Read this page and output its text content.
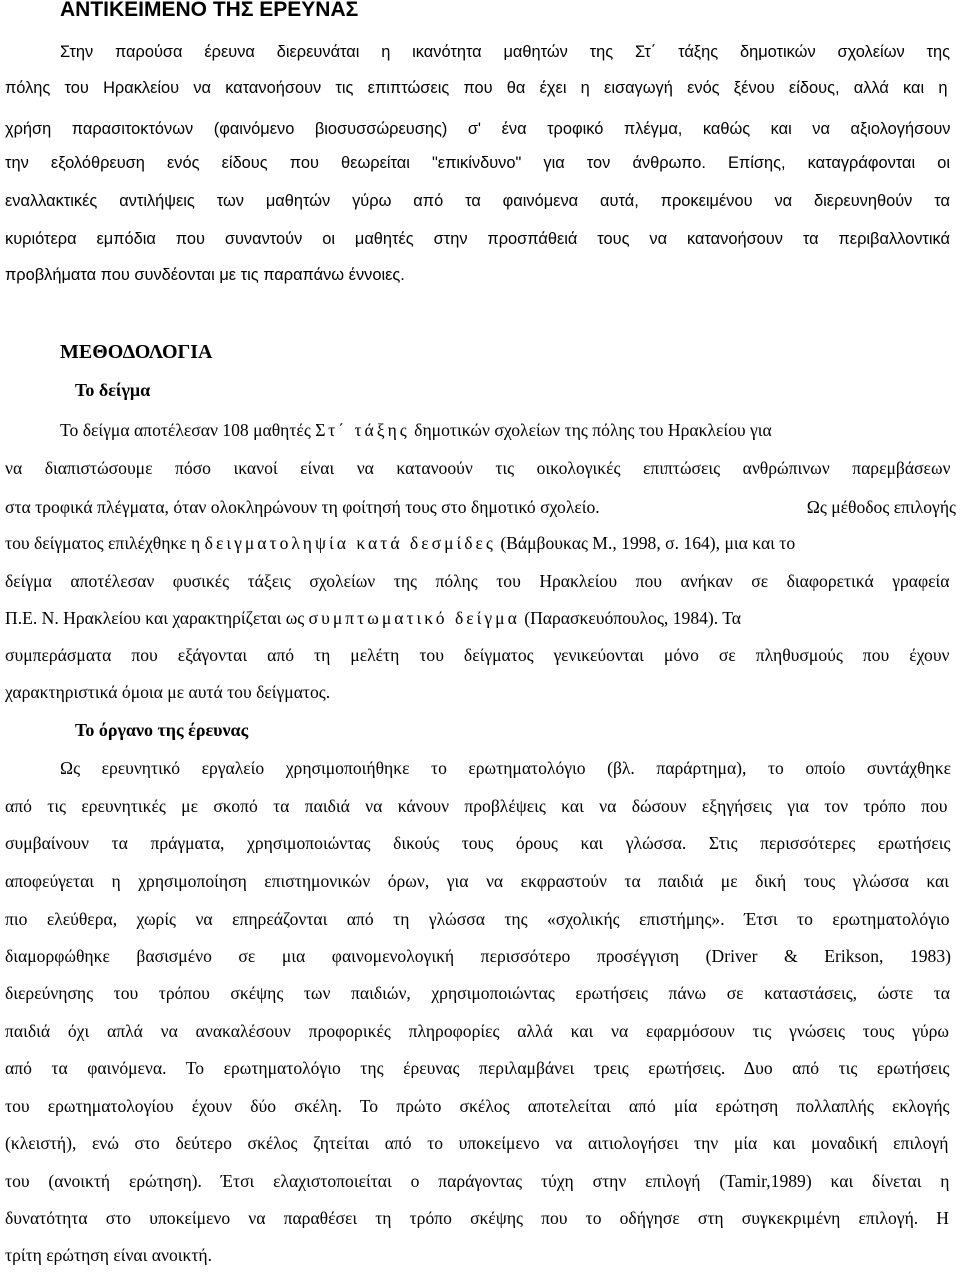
ΑΝΤΙΚΕΙΜΕΝΟ ΤΗΣ ΕΡΕΥΝΑΣ
Στην παρούσα έρευνα διερευνάται η ικανότητα μαθητών της Στ΄ τάξης δημοτικών σχολείων της
πόλης του Ηρακλείου να κατανοήσουν τις επιπτώσεις που θα έχει η εισαγωγή ενός ξένου είδους, αλλά και η
χρήση παρασιτοκτόνων (φαινόμενο βιοσυσσώρευσης) σ' ένα τροφικό πλέγμα, καθώς και να αξιολογήσουν
την εξολόθρευση ενός είδους που θεωρείται "επικίνδυνο" για τον άνθρωπο. Επίσης, καταγράφονται οι
εναλλακτικές αντιλήψεις των μαθητών γύρω από τα φαινόμενα αυτά, προκειμένου να διερευνηθούν τα
κυριότερα εμπόδια που συναντούν οι μαθητές στην προσπάθειά τους να κατανοήσουν τα περιβαλλοντικά
προβλήματα που συνδέονται με τις παραπάνω έννοιες.
ΜΕΘΟΔΟΛΟΓΙΑ
Το δείγμα
Το δείγμα αποτέλεσαν 108 μαθητές Στ΄ τάξης δημοτικών σχολείων της πόλης του Ηρακλείου για
να διαπιστώσουμε πόσο ικανοί είναι να κατανοούν τις οικολογικές επιπτώσεις ανθρώπινων παρεμβάσεων
στα τροφικά πλέγματα, όταν ολοκληρώνουν τη φοίτησή τους στο δημοτικό σχολείο.	Ως μέθοδος επιλογής
του δείγματος επιλέχθηκε η δειγματοληψία κατά δεσμίδες (Βάμβουκας Μ., 1998, σ. 164), μια και το
δείγμα αποτέλεσαν φυσικές τάξεις σχολείων της πόλης του Ηρακλείου που ανήκαν σε διαφορετικά γραφεία
Π.Ε. Ν. Ηρακλείου και χαρακτηρίζεται ως συμπτωματικό δείγμα (Παρασκευόπουλος, 1984). Τα
συμπεράσματα που εξάγονται από τη μελέτη του δείγματος γενικεύονται μόνο σε πληθυσμούς που έχουν
χαρακτηριστικά όμοια με αυτά του δείγματος.
Το όργανο της έρευνας
Ως ερευνητικό εργαλείο χρησιμοποιήθηκε το ερωτηματολόγιο (βλ. παράρτημα), το οποίο συντάχθηκε
από τις ερευνητικές με σκοπό τα παιδιά να κάνουν προβλέψεις και να δώσουν εξηγήσεις για τον τρόπο που
συμβαίνουν τα πράγματα, χρησιμοποιώντας δικούς τους όρους και γλώσσα. Στις περισσότερες ερωτήσεις
αποφεύγεται η χρησιμοποίηση επιστημονικών όρων, για να εκφραστούν τα παιδιά με δική τους γλώσσα και
πιο ελεύθερα, χωρίς να επηρεάζονται από τη γλώσσα της «σχολικής επιστήμης». Έτσι το ερωτηματολόγιο
διαμορφώθηκε βασισμένο σε μια φαινομενολογική περισσότερο προσέγγιση (Driver & Erikson, 1983)
διερεύνησης του τρόπου σκέψης των παιδιών, χρησιμοποιώντας ερωτήσεις πάνω σε καταστάσεις, ώστε τα
παιδιά όχι απλά να ανακαλέσουν προφορικές πληροφορίες αλλά και να εφαρμόσουν τις γνώσεις τους γύρω
από τα φαινόμενα. Το ερωτηματολόγιο της έρευνας περιλαμβάνει τρεις ερωτήσεις. Δυο από τις ερωτήσεις
του ερωτηματολογίου έχουν δύο σκέλη. Το πρώτο σκέλος αποτελείται από μία ερώτηση πολλαπλής εκλογής
(κλειστή), ενώ στο δεύτερο σκέλος ζητείται από το υποκείμενο να αιτιολογήσει την μία και μοναδική επιλογή
του (ανοικτή ερώτηση). Έτσι ελαχιστοποιείται ο παράγοντας τύχη στην επιλογή (Tamir,1989) και δίνεται η
δυνατότητα στο υποκείμενο να παραθέσει τη τρόπο σκέψης που το οδήγησε στη συγκεκριμένη επιλογή. Η
τρίτη ερώτηση είναι ανοικτή.
